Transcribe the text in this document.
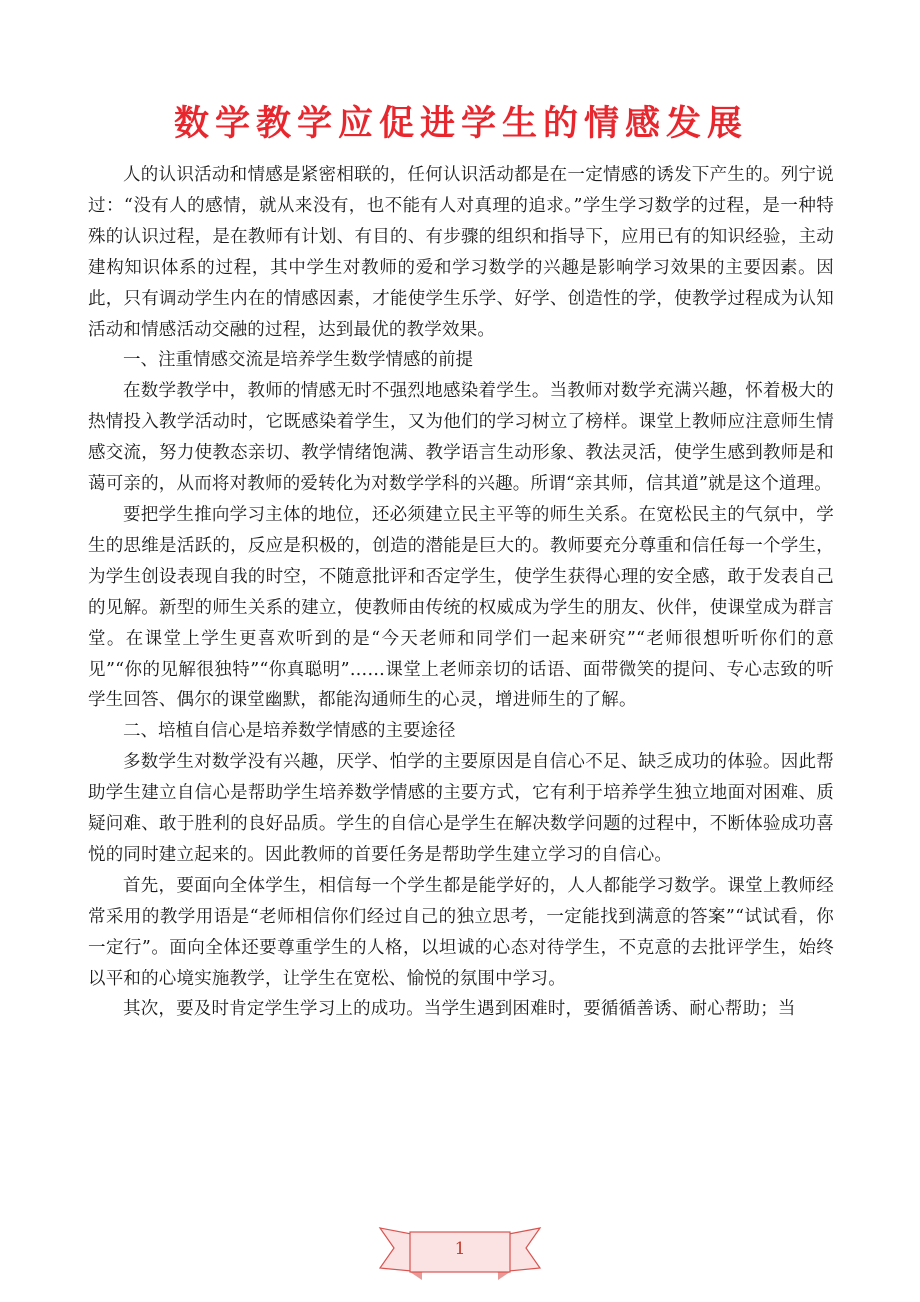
数学教学应促进学生的情感发展

人的认识活动和情感是紧密相联的，任何认识活动都是在一定情感的诱发下产生的。列宁说过：“没有人的感情，就从来没有，也不能有人对真理的追求。”学生学习数学的过程，是一种特殊的认识过程，是在教师有计划、有目的、有步骤的组织和指导下，应用已有的知识经验，主动建构知识体系的过程，其中学生对教师的爱和学习数学的兴趣是影响学习效果的主要因素。因此，只有调动学生内在的情感因素，才能使学生乐学、好学、创造性的学，使教学过程成为认知活动和情感活动交融的过程，达到最优的教学效果。

一、注重情感交流是培养学生数学情感的前提

在数学教学中，教师的情感无时不强烈地感染着学生。当教师对数学充满兴趣，怀着极大的热情投入教学活动时，它既感染着学生，又为他们的学习树立了榜样。课堂上教师应注意师生情感交流，努力使教态亲切、教学情绪饱满、教学语言生动形象、教法灵活，使学生感到教师是和蔼可亲的，从而将对教师的爱转化为对数学学科的兴趣。所谓“亲其师，信其道”就是这个道理。

要把学生推向学习主体的地位，还必须建立民主平等的师生关系。在宽松民主的气氛中，学生的思维是活跃的，反应是积极的，创造的潜能是巨大的。教师要充分尊重和信任每一个学生，为学生创设表现自我的时空，不随意批评和否定学生，使学生获得心理的安全感，敢于发表自己的见解。新型的师生关系的建立，使教师由传统的权威成为学生的朋友、伙伴，使课堂成为群言堂。在课堂上学生更喜欢听到的是“今天老师和同学们一起来研究”“老师很想听听你们的意见”“你的见解很独特”“你真聪明”……课堂上老师亲切的话语、面带微笑的提问、专心志致的听学生回答、偶尔的课堂幽默，都能沟通师生的心灵，增进师生的了解。

二、培植自信心是培养数学情感的主要途径

多数学生对数学没有兴趣，厌学、怕学的主要原因是自信心不足、缺乏成功的体验。因此帮助学生建立自信心是帮助学生培养数学情感的主要方式，它有利于培养学生独立地面对困难、质疑问难、敢于胜利的良好品质。学生的自信心是学生在解决数学问题的过程中，不断体验成功喜悦的同时建立起来的。因此教师的首要任务是帮助学生建立学习的自信心。

首先，要面向全体学生，相信每一个学生都是能学好的，人人都能学习数学。课堂上教师经常采用的教学用语是“老师相信你们经过自己的独立思考，一定能找到满意的答案”“试试看，你一定行”。面向全体还要尊重学生的人格，以坦诚的心态对待学生，不克意的去批评学生，始终以平和的心境实施教学，让学生在宽松、愉悦的氛围中学习。

其次，要及时肯定学生学习上的成功。当学生遇到困难时，要循循善诱、耐心帮助；当

1
